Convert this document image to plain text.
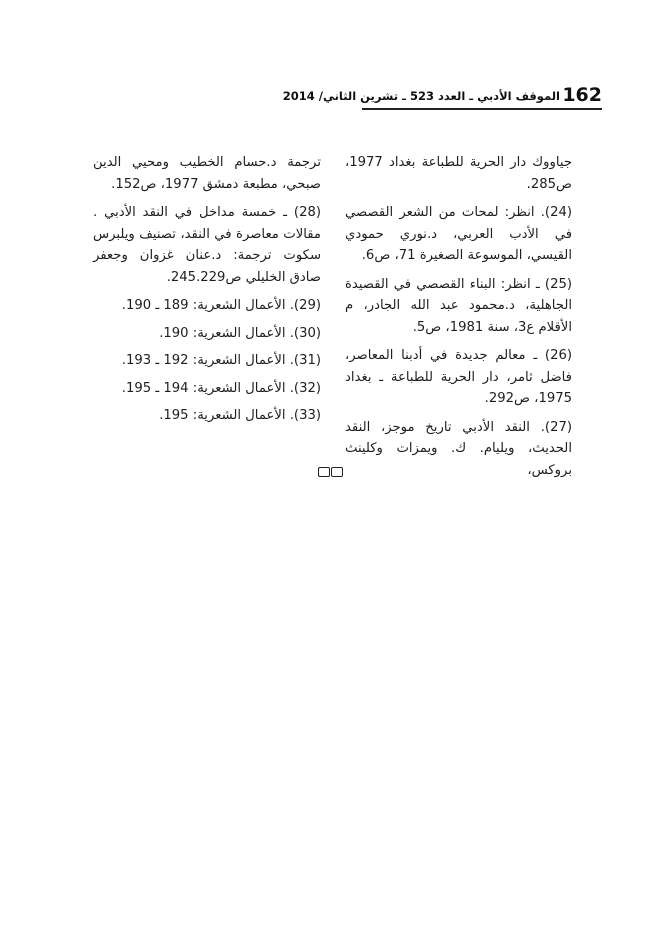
162
الموقف الأدبي ـ العدد 523 ـ تشرين الثاني/ 2014

جياووك دار الحرية للطباعة بغداد 1977، ص285.

(24). انظر: لمحات من الشعر القصصي في الأدب العربي، د.نوري حمودي القيسي، الموسوعة الصغيرة 71، ص6.

(25) ـ انظر: البناء القصصي في القصيدة الجاهلية، د.محمود عبد الله الجادر، م الأقلام ع3، سنة 1981، ص5.

(26) ـ معالم جديدة في أدبنا المعاصر، فاضل ثامر، دار الحرية للطباعة ـ بغداد 1975، ص292.

(27). النقد الأدبي تاريخ موجز، النقد الحديث، ويليام. ك. ويمزات وكلينث بروكس،

ترجمة د.حسام الخطيب ومحيي الدين صبحي، مطبعة دمشق 1977، ص152.

(28) ـ خمسة مداخل في النقد الأدبي . مقالات معاصرة في النقد، تصنيف ويلبرس سكوت ترجمة: د.عنان غزوان وجعفر صادق الخليلي ص245.229.

(29). الأعمال الشعرية: 189 ـ 190.

(30). الأعمال الشعرية: 190.

(31). الأعمال الشعرية: 192 ـ 193.

(32). الأعمال الشعرية: 194 ـ 195.

(33). الأعمال الشعرية: 195.
